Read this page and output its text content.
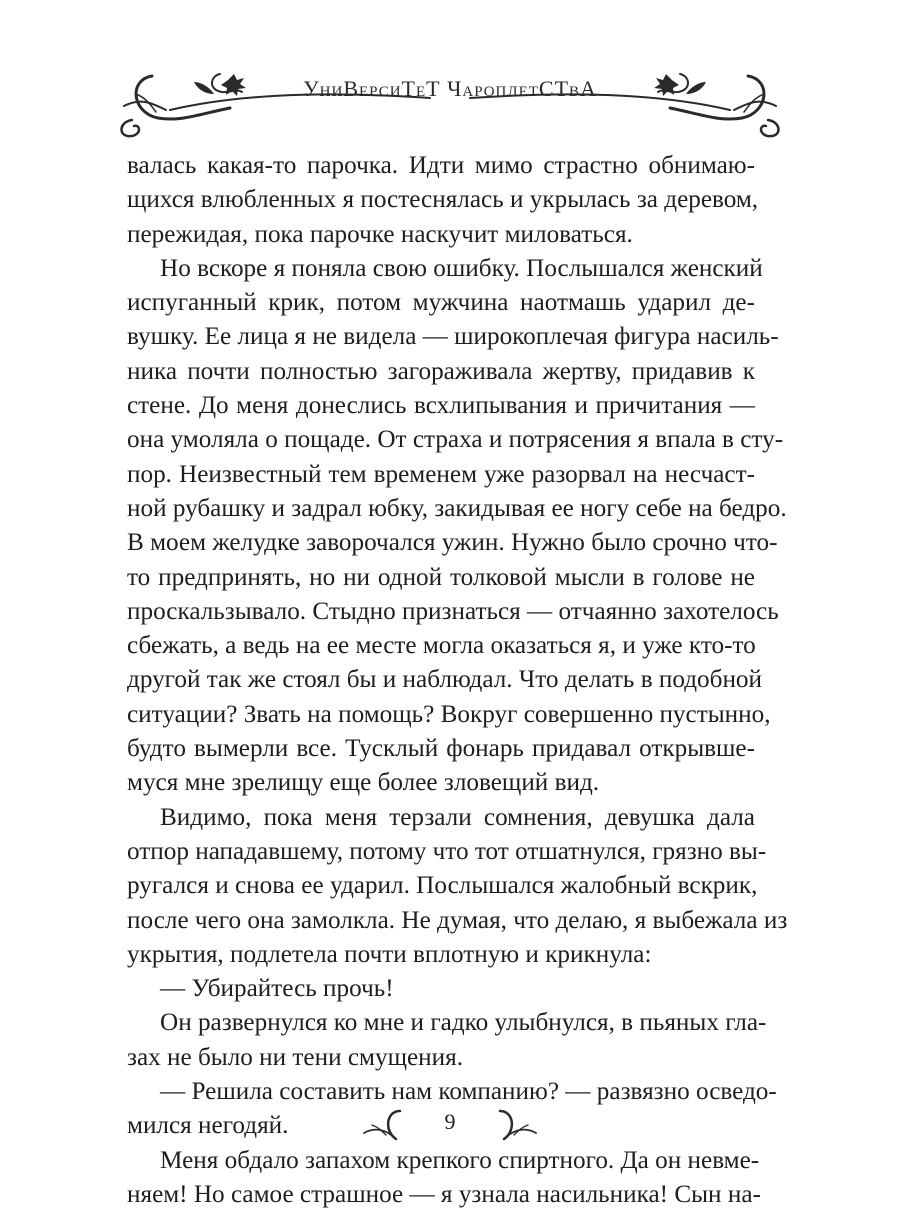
УниВерсиТеТ ЧароплетСТвА
валась какая-то парочка. Идти мимо страстно обнимаю-
щихся влюбленных я постеснялась и укрылась за деревом,
пережидая, пока парочке наскучит миловаться.
Но вскоре я поняла свою ошибку. Послышался женский
испуганный крик, потом мужчина наотмашь ударил де-
вушку. Ее лица я не видела — широкоплечая фигура насиль-
ника почти полностью загораживала жертву, придавив к
стене. До меня донеслись всхлипывания и причитания —
она умоляла о пощаде. От страха и потрясения я впала в сту-
пор. Неизвестный тем временем уже разорвал на несчаст-
ной рубашку и задрал юбку, закидывая ее ногу себе на бедро.
В моем желудке заворочался ужин. Нужно было срочно что-
то предпринять, но ни одной толковой мысли в голове не
проскальзывало. Стыдно признаться — отчаянно захотелось
сбежать, а ведь на ее месте могла оказаться я, и уже кто-то
другой так же стоял бы и наблюдал. Что делать в подобной
ситуации? Звать на помощь? Вокруг совершенно пустынно,
будто вымерли все. Тусклый фонарь придавал открывше-
муся мне зрелищу еще более зловещий вид.
Видимо, пока меня терзали сомнения, девушка дала
отпор нападавшему, потому что тот отшатнулся, грязно вы-
ругался и снова ее ударил. Послышался жалобный вскрик,
после чего она замолкла. Не думая, что делаю, я выбежала из
укрытия, подлетела почти вплотную и крикнула:
— Убирайтесь прочь!
Он развернулся ко мне и гадко улыбнулся, в пьяных гла-
зах не было ни тени смущения.
— Решила составить нам компанию? — развязно осведо-
мился негодяй.
Меня обдало запахом крепкого спиртного. Да он невме-
няем! Но самое страшное — я узнала насильника! Сын на-
9
